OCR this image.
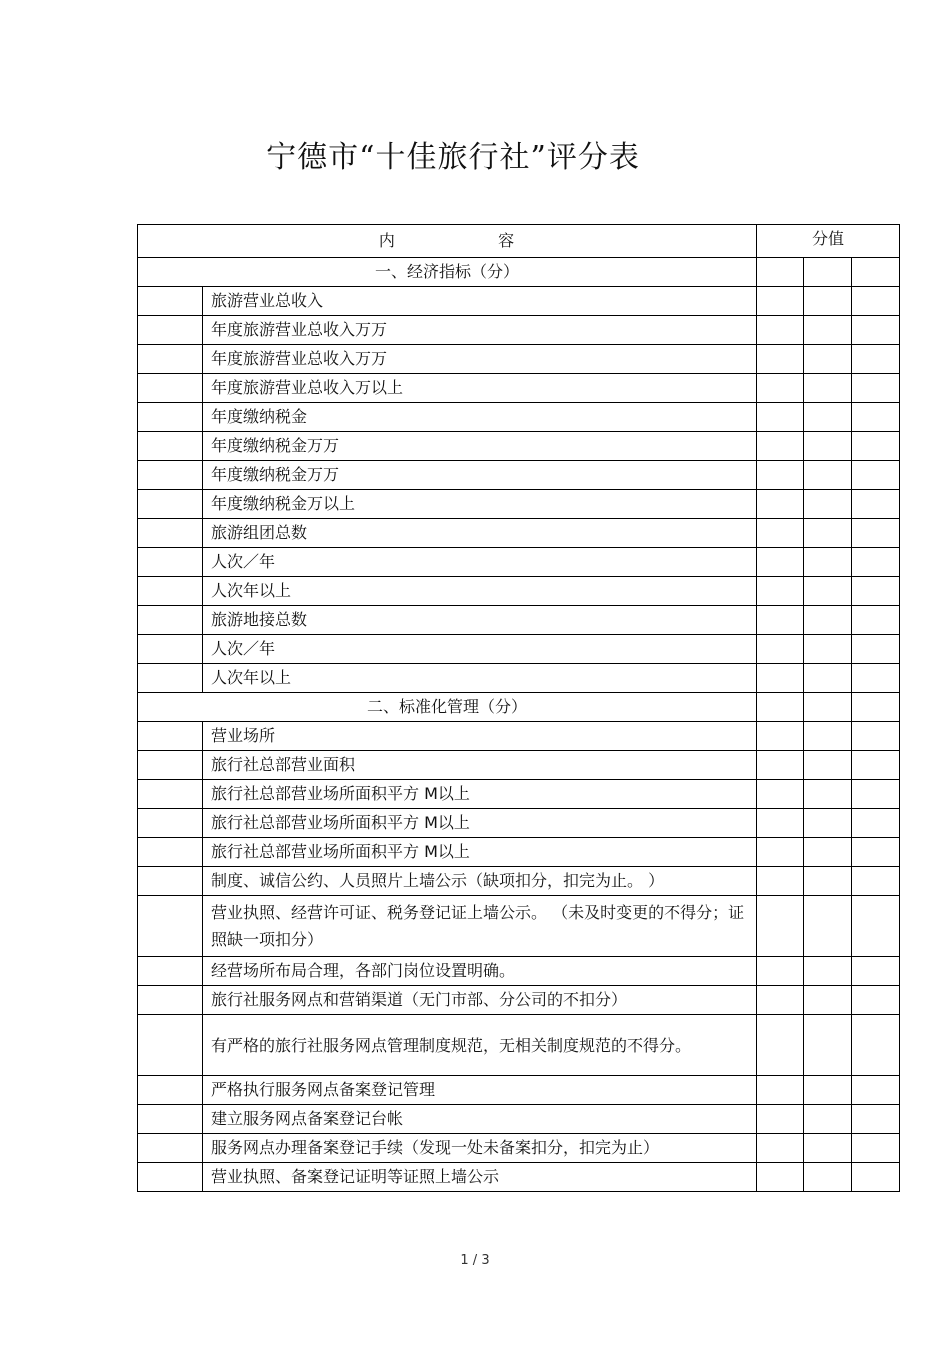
宁德市“十佳旅行社”评分表
内 容		分值		
一、经济指标（分）				
	旅游营业总收入			
	年度旅游营业总收入万万			
	年度旅游营业总收入万万			
	年度旅游营业总收入万以上			
	年度缴纳税金			
	年度缴纳税金万万			
	年度缴纳税金万万			
	年度缴纳税金万以上			
	旅游组团总数			
	人次／年			
	人次年以上			
	旅游地接总数			
	人次／年			
	人次年以上			
二、标准化管理（分）				
	营业场所			
	旅行社总部营业面积			
	旅行社总部营业场所面积平方 M以上			
	旅行社总部营业场所面积平方 M以上			
	旅行社总部营业场所面积平方 M以上			
	制度、诚信公约、人员照片上墙公示（缺项扣分，扣完为止。 ）			
	营业执照、经营许可证、税务登记证上墙公示。 （未及时变更的不得分；证照缺一项扣分）			
	经营场所布局合理，各部门岗位设置明确。			
	旅行社服务网点和营销渠道（无门市部、分公司的不扣分）			
	有严格的旅行社服务网点管理制度规范，无相关制度规范的不得分。			
	严格执行服务网点备案登记管理			
	建立服务网点备案登记台帐			
	服务网点办理备案登记手续（发现一处未备案扣分，扣完为止）			
	营业执照、备案登记证明等证照上墙公示			
1 / 3
